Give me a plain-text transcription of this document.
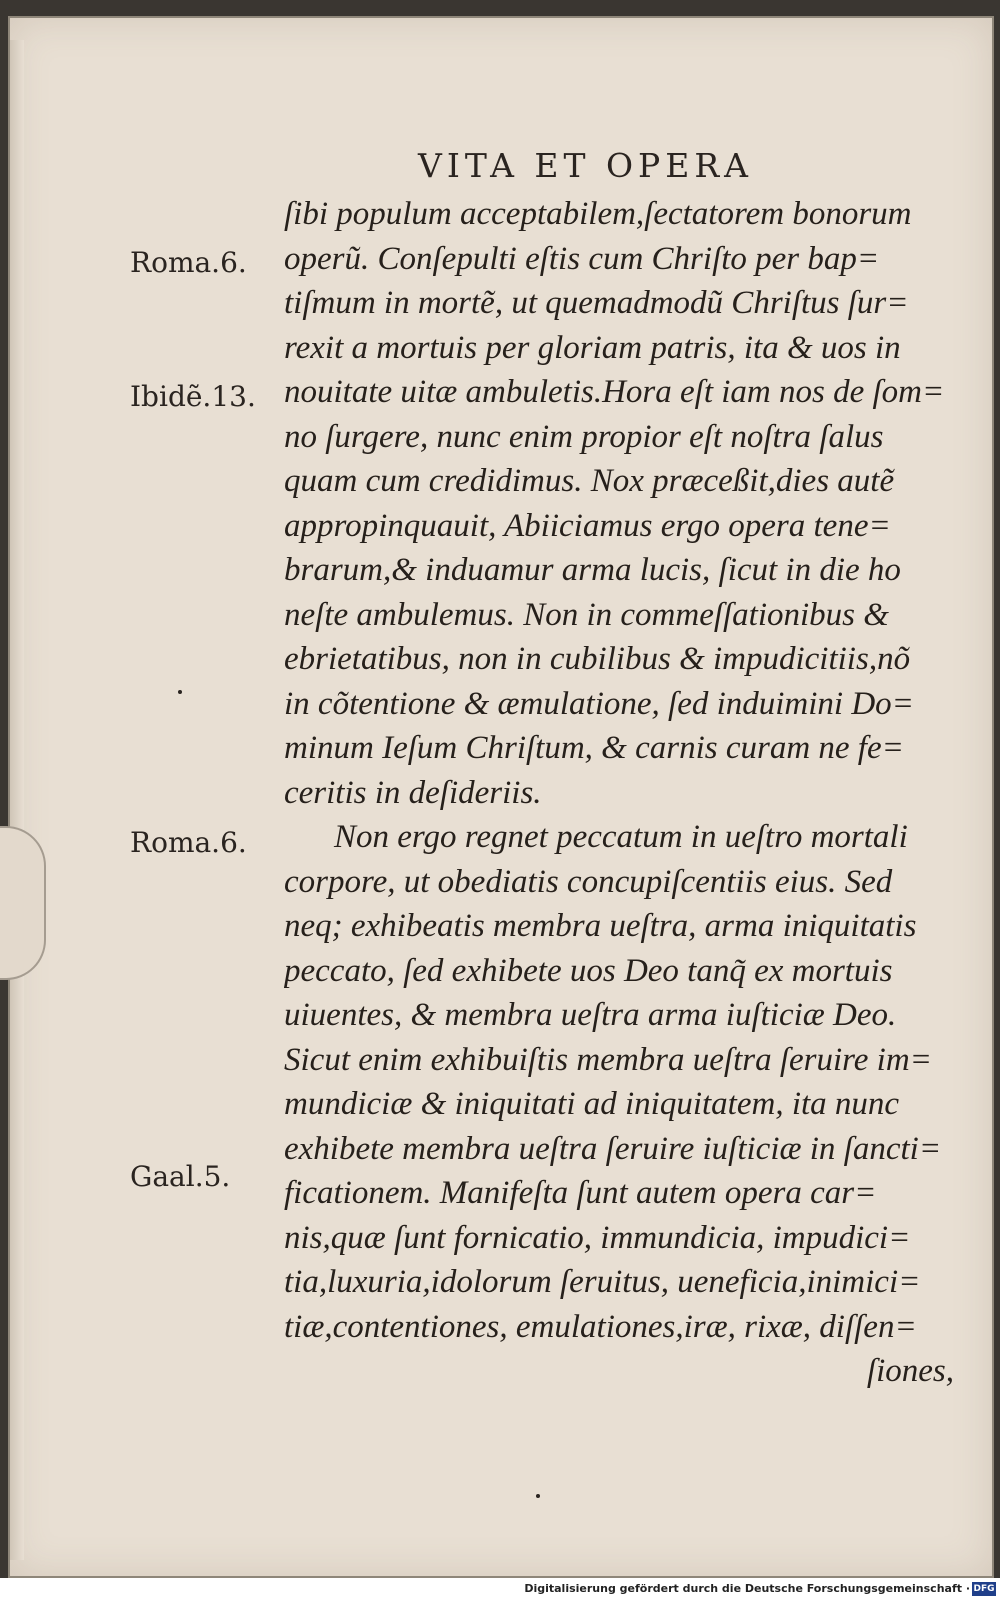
VITA ET OPERA
ſibi populum acceptabilem,ſectatorem bonorum
operũ. Conſepulti eſtis cum Chriſto per bap=
tiſmum in mortẽ, ut quemadmodũ Chriſtus ſur=
rexit a mortuis per gloriam patris, ita & uos in
nouitate uitæ ambuletis.Hora eſt iam nos de ſom=
no ſurgere, nunc enim propior eſt noſtra ſalus
quam cum credidimus. Nox præceßit,dies autẽ
appropinquauit, Abiiciamus ergo opera tene=
brarum,& induamur arma lucis, ſicut in die ho
neſte ambulemus. Non in commeſſationibus &
ebrietatibus, non in cubilibus & impudicitiis,nõ
in cõtentione & æmulatione, ſed induimini Do=
minum Ieſum Chriſtum, & carnis curam ne fe=
ceritis in deſideriis.
Non ergo regnet peccatum in ueſtro mortali
corpore, ut obediatis concupiſcentiis eius. Sed
neq; exhibeatis membra ueſtra, arma iniquitatis
peccato, ſed exhibete uos Deo tanq̃ ex mortuis
uiuentes, & membra ueſtra arma iuſticiæ Deo.
Sicut enim exhibuiſtis membra ueſtra ſeruire im=
mundiciæ & iniquitati ad iniquitatem, ita nunc
exhibete membra ueſtra ſeruire iuſticiæ in ſancti=
ficationem. Manifeſta ſunt autem opera car=
nis,quæ ſunt fornicatio, immundicia, impudici=
tia,luxuria,idolorum ſeruitus, ueneficia,inimici=
tiæ,contentiones, emulationes,iræ, rixæ, diſſen=
ſiones,
Roma.6.
Ibidẽ.13.
Roma.6.
Gaal.5.
Digitalisierung gefördert durch die Deutsche Forschungsgemeinschaft · DFG
